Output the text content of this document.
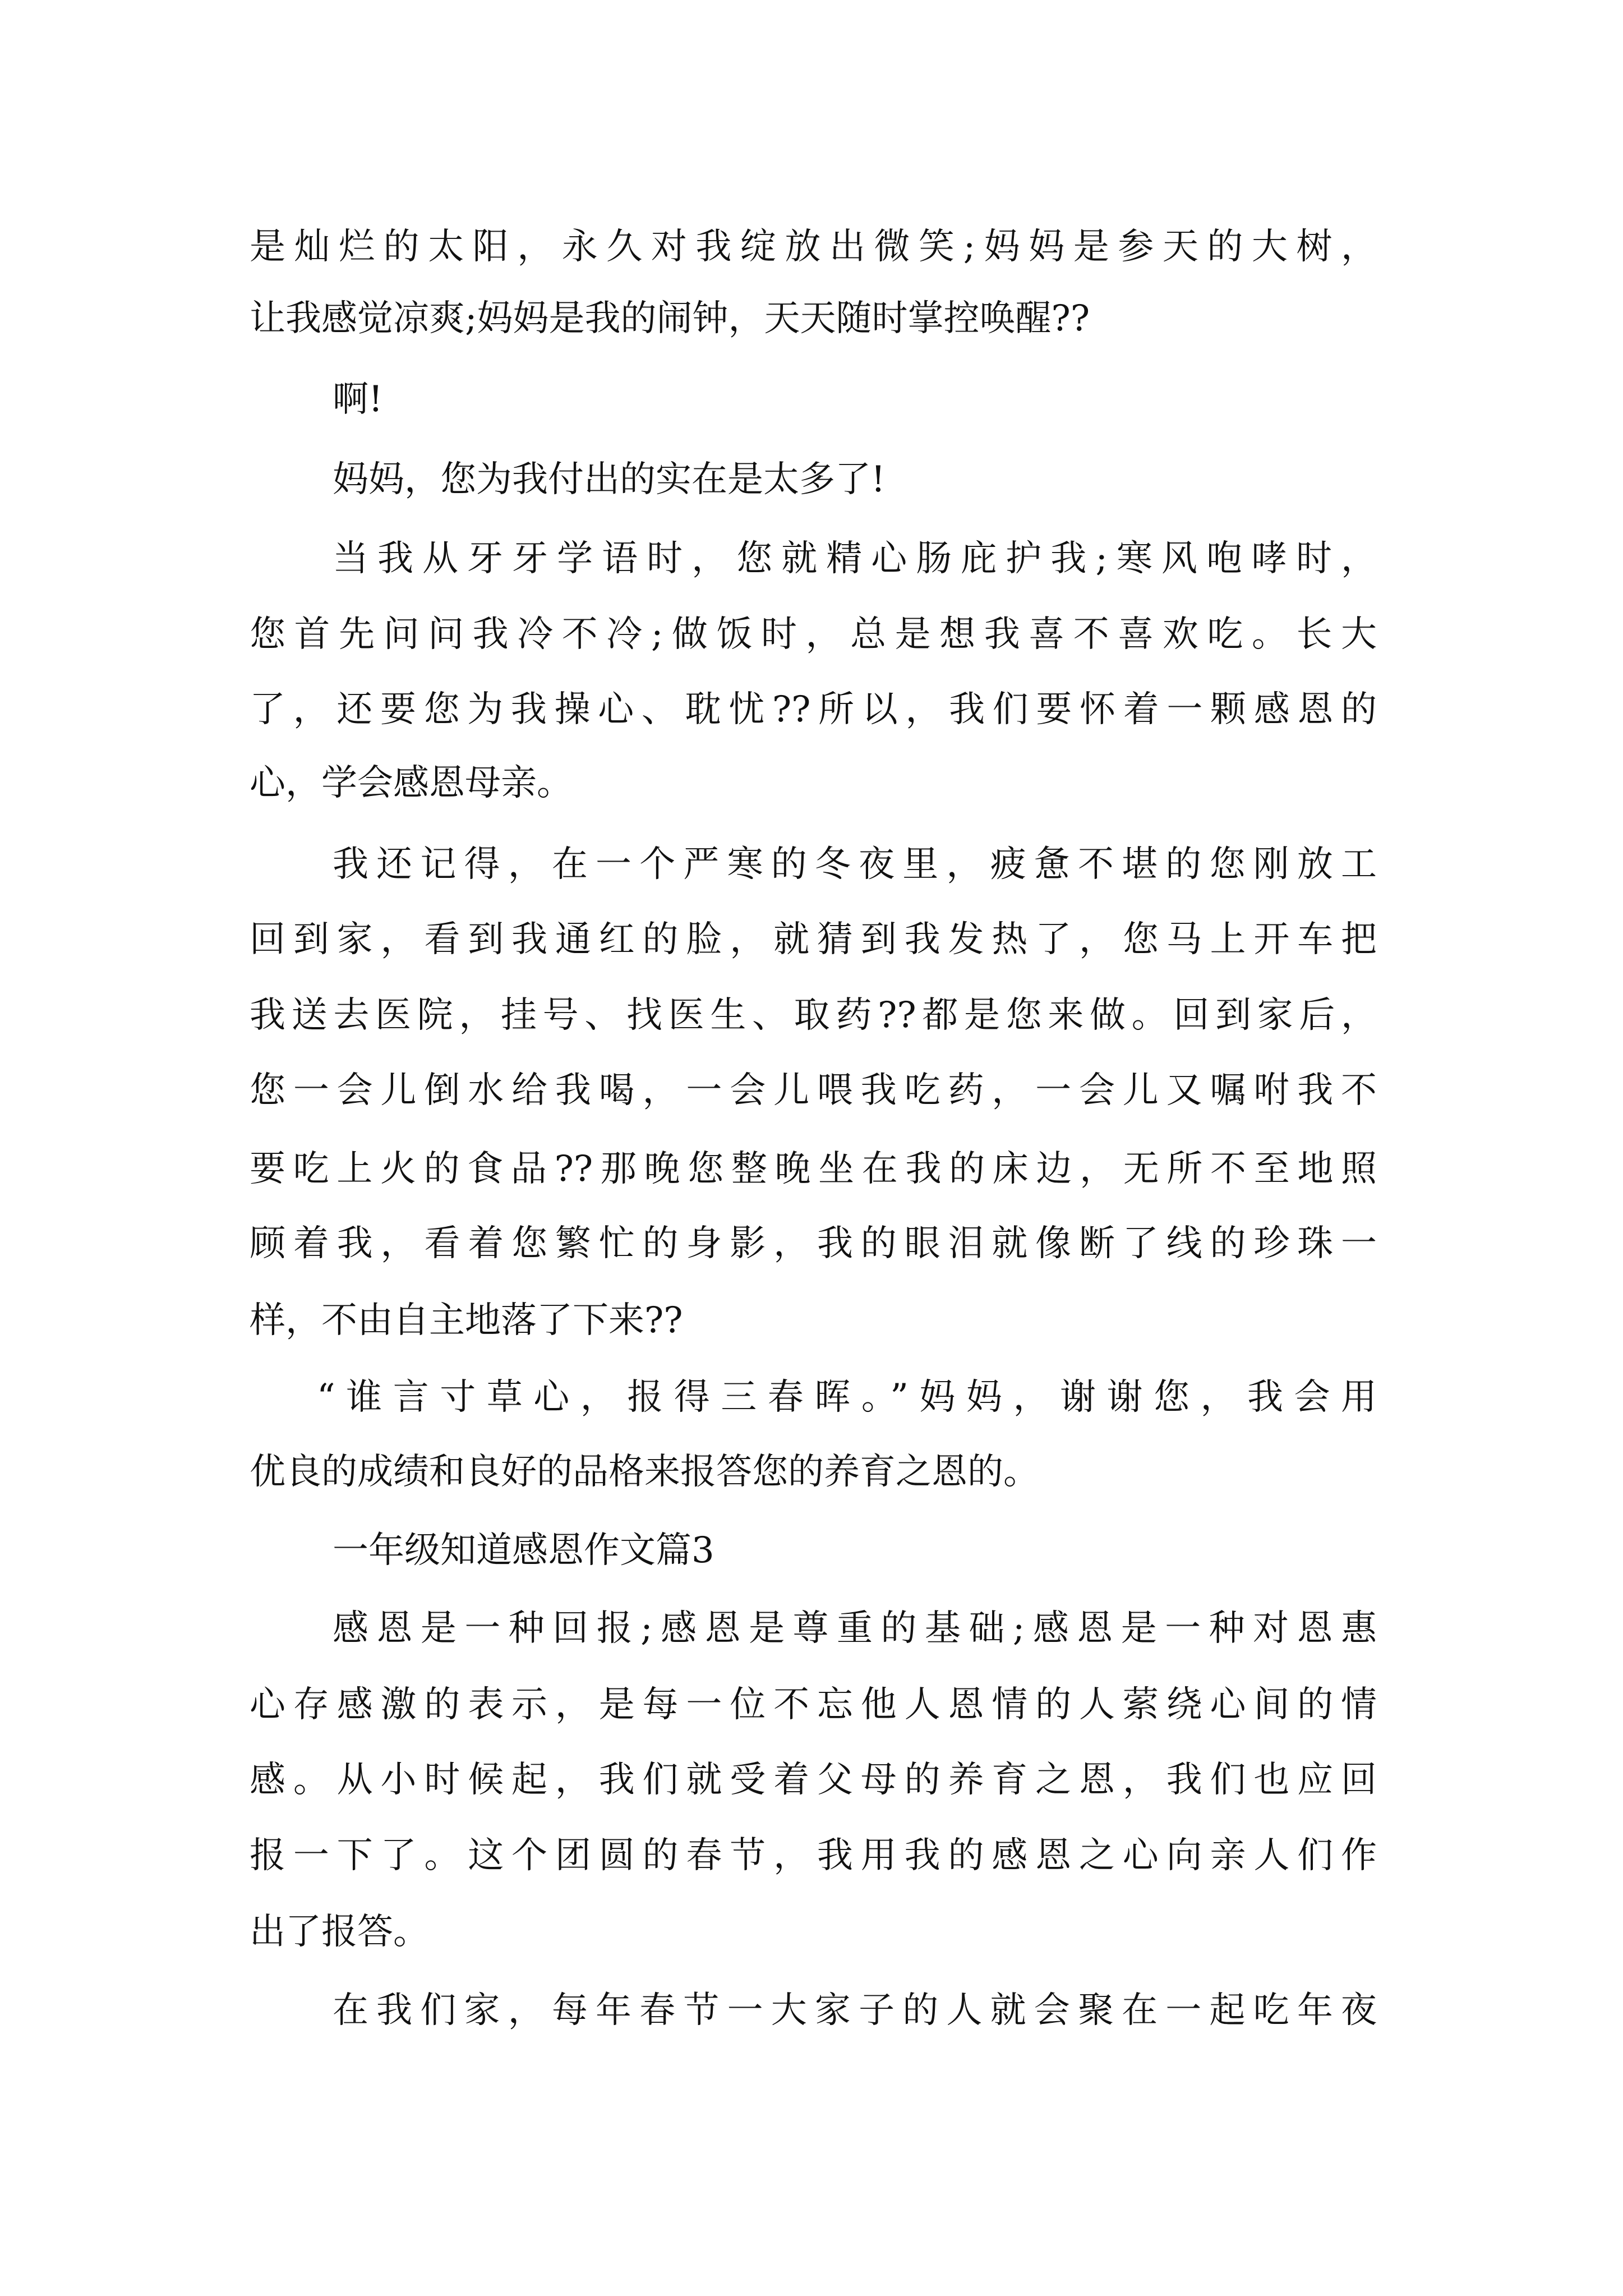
是灿烂的太阳，永久对我绽放出微笑;妈妈是参天的大树，
让我感觉凉爽;妈妈是我的闹钟，天天随时掌控唤醒??
啊!
妈妈，您为我付出的实在是太多了!
当我从牙牙学语时，您就精心肠庇护我;寒风咆哮时，
您首先问问我冷不冷;做饭时，总是想我喜不喜欢吃。长大
了，还要您为我操心、耽忧??所以，我们要怀着一颗感恩的
心，学会感恩母亲。
我还记得，在一个严寒的冬夜里，疲惫不堪的您刚放工
回到家，看到我通红的脸，就猜到我发热了，您马上开车把
我送去医院，挂号、找医生、取药??都是您来做。回到家后，
您一会儿倒水给我喝，一会儿喂我吃药，一会儿又嘱咐我不
要吃上火的食品??那晚您整晚坐在我的床边，无所不至地照
顾着我，看着您繁忙的身影，我的眼泪就像断了线的珍珠一
样，不由自主地落了下来??
“谁言寸草心，报得三春晖。”妈妈，谢谢您，我会用
优良的成绩和良好的品格来报答您的养育之恩的。
一年级知道感恩作文篇3
感恩是一种回报;感恩是尊重的基础;感恩是一种对恩惠
心存感激的表示，是每一位不忘他人恩情的人萦绕心间的情
感。从小时候起，我们就受着父母的养育之恩，我们也应回
报一下了。这个团圆的春节，我用我的感恩之心向亲人们作
出了报答。
在我们家，每年春节一大家子的人就会聚在一起吃年夜
